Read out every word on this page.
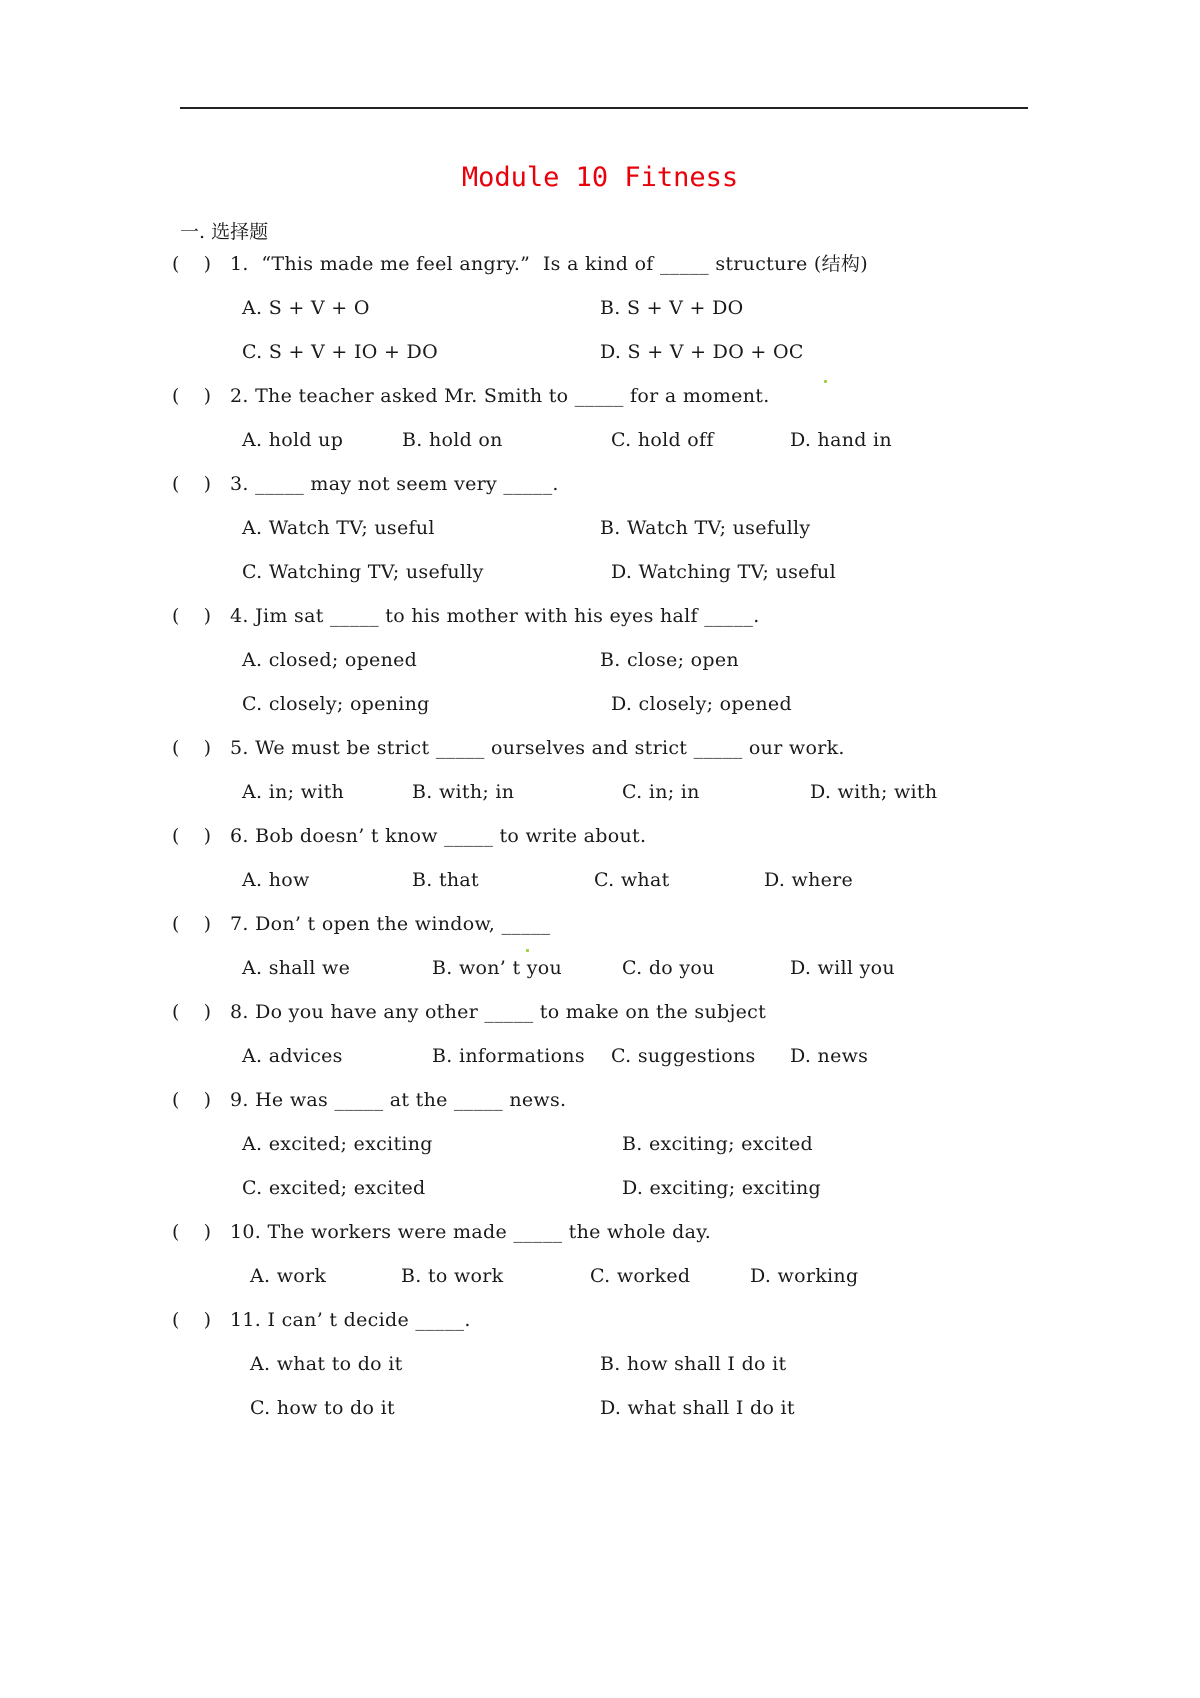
Module 10 Fitness
一. 选择题
(    ) 1.  “This made me feel angry.”  Is a kind of _____ structure (结构)
A. S + V + O	B. S + V + DO
C. S + V + IO + DO	D. S + V + DO + OC
(    ) 2. The teacher asked Mr. Smith to _____ for a moment.
A. hold up	B. hold on	C. hold off	D. hand in
(    ) 3. _____ may not seem very _____.
A. Watch TV; useful	B. Watch TV; usefully
C. Watching TV; usefully	D. Watching TV; useful
(    ) 4. Jim sat _____ to his mother with his eyes half _____.
A. closed; opened	B. close; open
C. closely; opening	D. closely; opened
(    ) 5. We must be strict _____ ourselves and strict _____ our work.
A. in; with	B. with; in	C. in; in	D. with; with
(    ) 6. Bob doesn’ t know _____ to write about.
A. how	B. that	C. what	D. where
(    ) 7. Don’ t open the window, _____
A. shall we	B. won’ t you	C. do you	D. will you
(    ) 8. Do you have any other _____ to make on the subject
A. advices	B. informations C. suggestions D. news
(    ) 9. He was _____ at the _____ news.
A. excited; exciting	B. exciting; excited
C. excited; excited	D. exciting; exciting
(    ) 10. The workers were made _____ the whole day.
A. work	B. to work	C. worked	D. working
(    ) 11. I can’ t decide _____.
A. what to do it	B. how shall I do it
C. how to do it	D. what shall I do it
